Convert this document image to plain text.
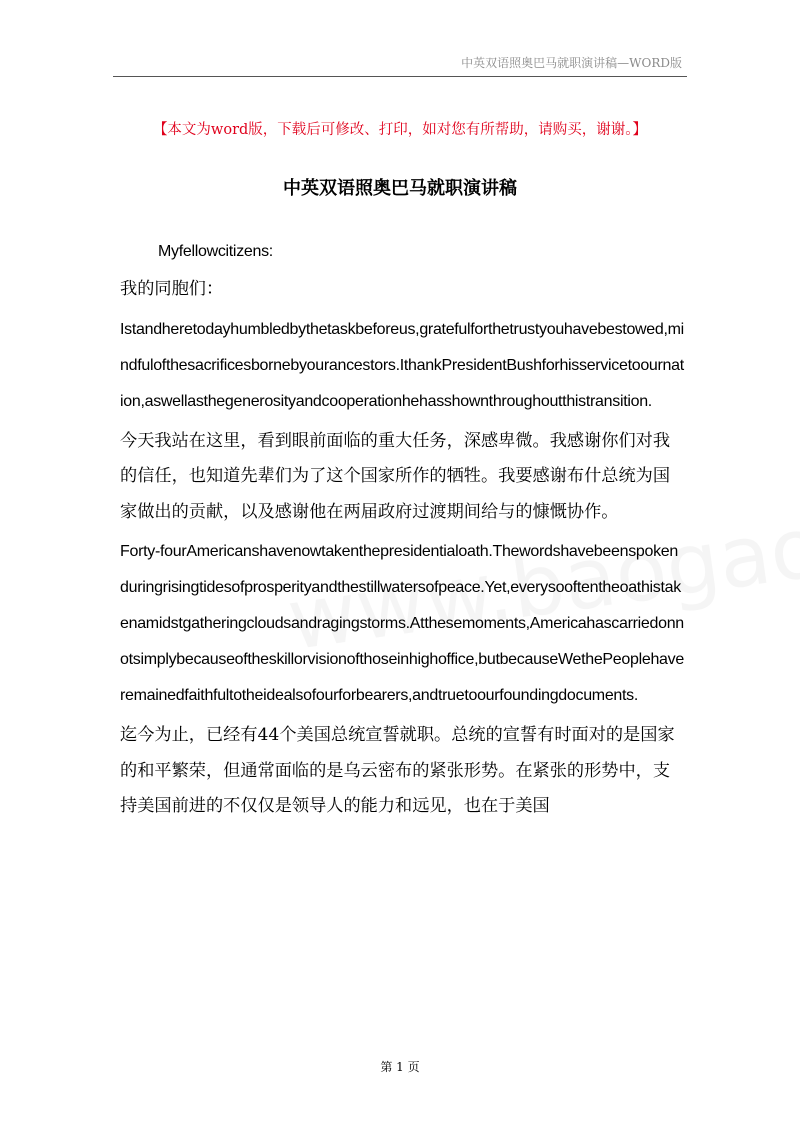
中英双语照奥巴马就职演讲稿—WORD版
【本文为word版，下载后可修改、打印，如对您有所帮助，请购买，谢谢。】
中英双语照奥巴马就职演讲稿

Myfellowcitizens:

我的同胞们：

Istandheretodayhumbledbythetaskbeforeus,gratefulforthetrustyouhavebestowed,mindfulofthesacrificesbornebyourancestors.IthankPresidentBushforhisservicetoournation,aswellasthegenerosityandcooperationhehasshownthroughoutthistransition.

今天我站在这里，看到眼前面临的重大任务，深感卑微。我感谢你们对我的信任，也知道先辈们为了这个国家所作的牺牲。我要感谢布什总统为国家做出的贡献，以及感谢他在两届政府过渡期间给与的慷慨协作。

Forty-fourAmericanshavenowtakenthepresidentialoath.Thewordshavebeenspokenduringrisingtidesofprosperityandthestillwatersofpeace.Yet,everysooftentheoathistakenamidstgatheringcloudsandragingstorms.Atthesemoments,Americahascarriedonnotsimplybecauseoftheskillorvisionofthoseinhighoffice,butbecauseWethePeoplehaveremainedfaithfultotheidealsofourforbearers,andtruetoourfoundingdocuments.

迄今为止，已经有44个美国总统宣誓就职。总统的宣誓有时面对的是国家的和平繁荣，但通常面临的是乌云密布的紧张形势。在紧张的形势中，支持美国前进的不仅仅是领导人的能力和远见，也在于美国

第 1 页
